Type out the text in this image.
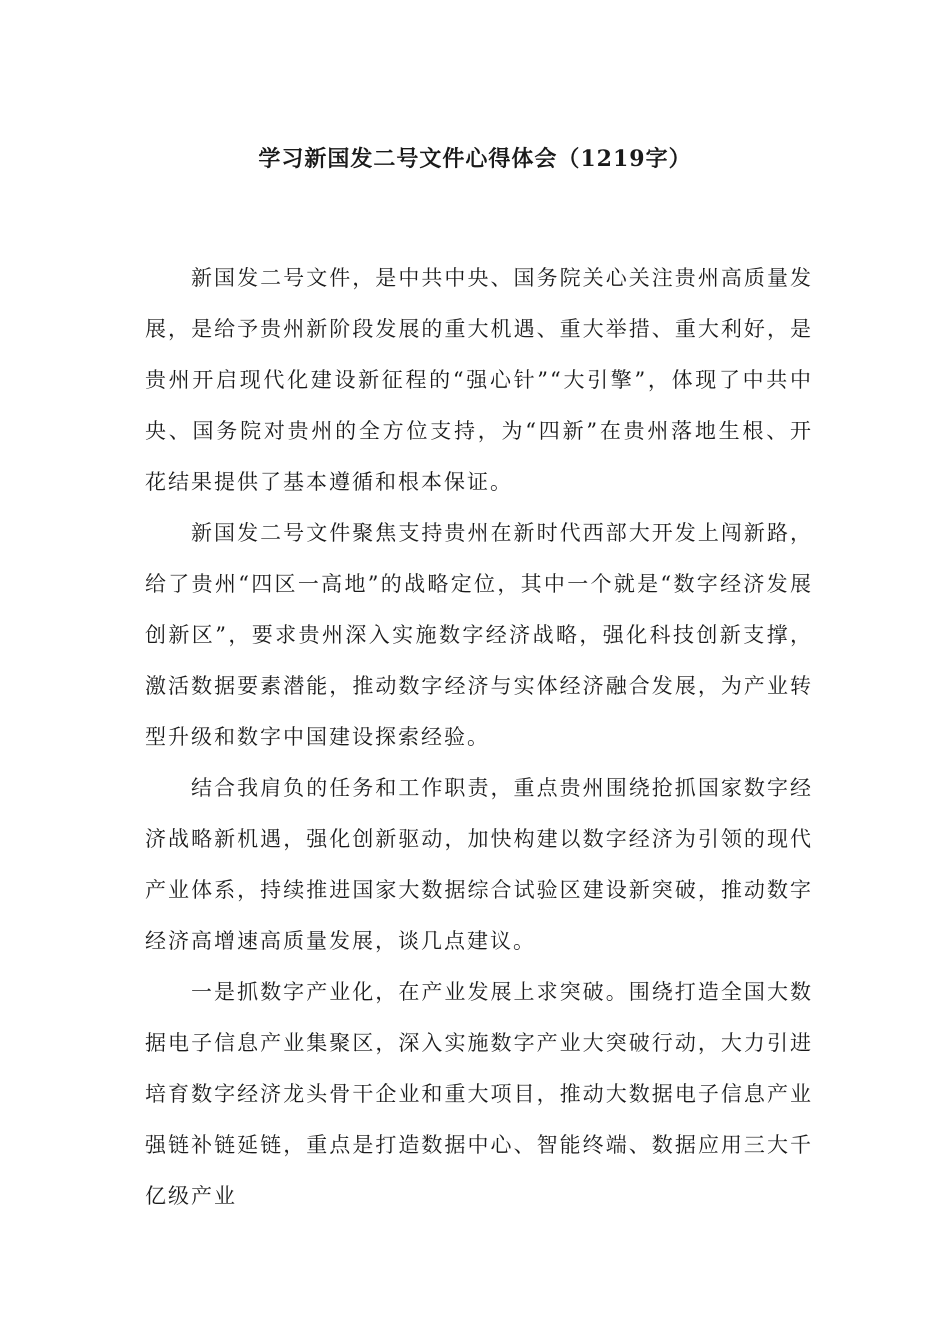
学习新国发二号文件心得体会（1219字）

新国发二号文件，是中共中央、国务院关心关注贵州高质量发展，是给予贵州新阶段发展的重大机遇、重大举措、重大利好，是贵州开启现代化建设新征程的“强心针”“大引擎”，体现了中共中央、国务院对贵州的全方位支持，为“四新”在贵州落地生根、开花结果提供了基本遵循和根本保证。

新国发二号文件聚焦支持贵州在新时代西部大开发上闯新路，给了贵州“四区一高地”的战略定位，其中一个就是“数字经济发展创新区”，要求贵州深入实施数字经济战略，强化科技创新支撑，激活数据要素潜能，推动数字经济与实体经济融合发展，为产业转型升级和数字中国建设探索经验。

结合我肩负的任务和工作职责，重点贵州围绕抢抓国家数字经济战略新机遇，强化创新驱动，加快构建以数字经济为引领的现代产业体系，持续推进国家大数据综合试验区建设新突破，推动数字经济高增速高质量发展，谈几点建议。

一是抓数字产业化，在产业发展上求突破。围绕打造全国大数据电子信息产业集聚区，深入实施数字产业大突破行动，大力引进培育数字经济龙头骨干企业和重大项目，推动大数据电子信息产业强链补链延链，重点是打造数据中心、智能终端、数据应用三大千亿级产业
